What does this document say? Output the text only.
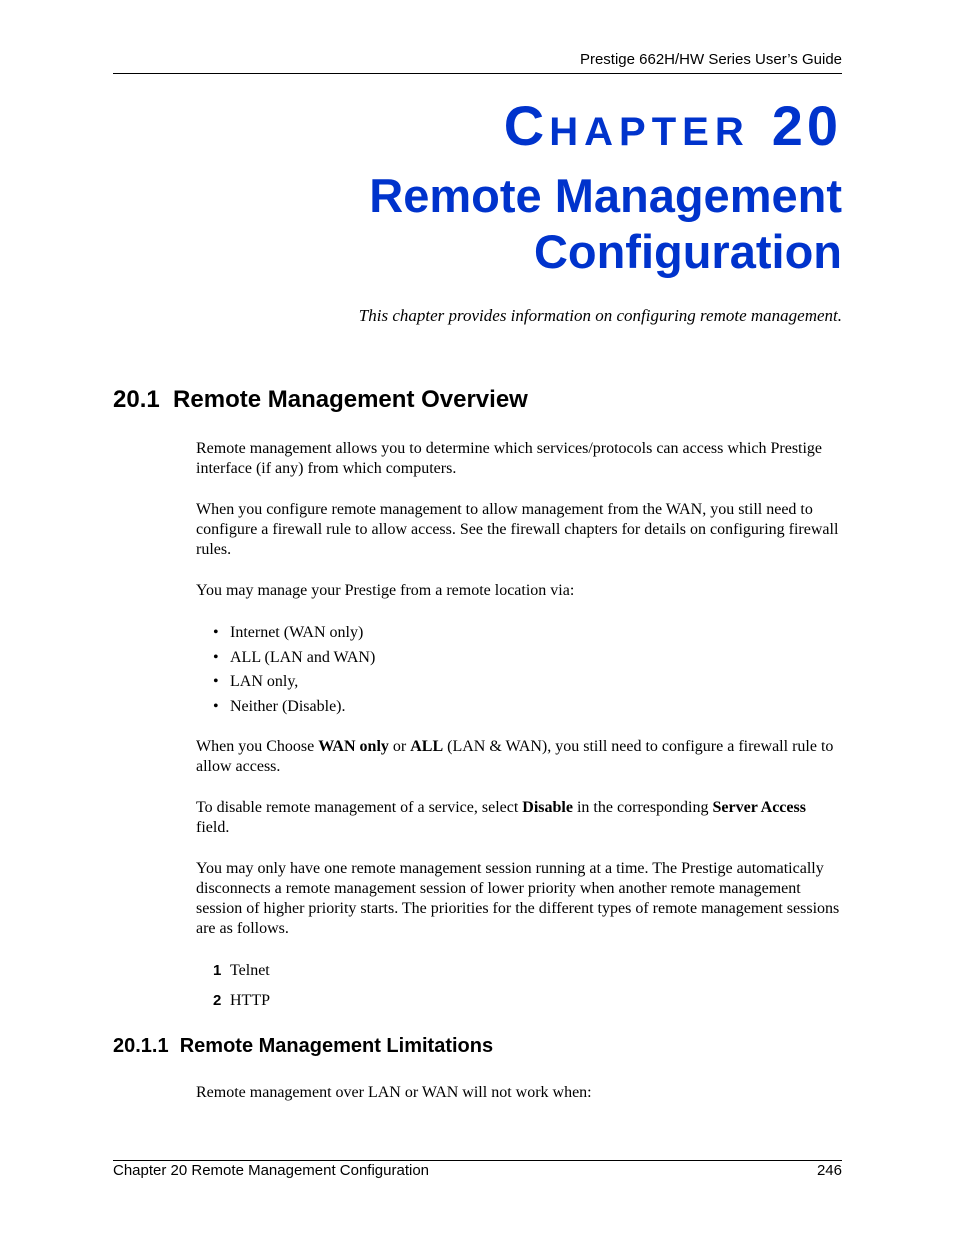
Prestige 662H/HW Series User’s Guide
CHAPTER 20
Remote Management
Configuration
This chapter provides information on configuring remote management.
20.1  Remote Management Overview

Remote management allows you to determine which services/protocols can access which Prestige interface (if any) from which computers.

When you configure remote management to allow management from the WAN, you still need to configure a firewall rule to allow access. See the firewall chapters for details on configuring firewall rules.

You may manage your Prestige from a remote location via:

• Internet (WAN only)
• ALL (LAN and WAN)
• LAN only,
• Neither (Disable).

When you Choose WAN only or ALL (LAN & WAN), you still need to configure a firewall rule to allow access.

To disable remote management of a service, select Disable in the corresponding Server Access field.

You may only have one remote management session running at a time. The Prestige automatically disconnects a remote management session of lower priority when another remote management session of higher priority starts. The priorities for the different types of remote management sessions are as follows.

1 Telnet
2 HTTP
20.1.1  Remote Management Limitations

Remote management over LAN or WAN will not work when:

Chapter 20 Remote Management Configuration	246
